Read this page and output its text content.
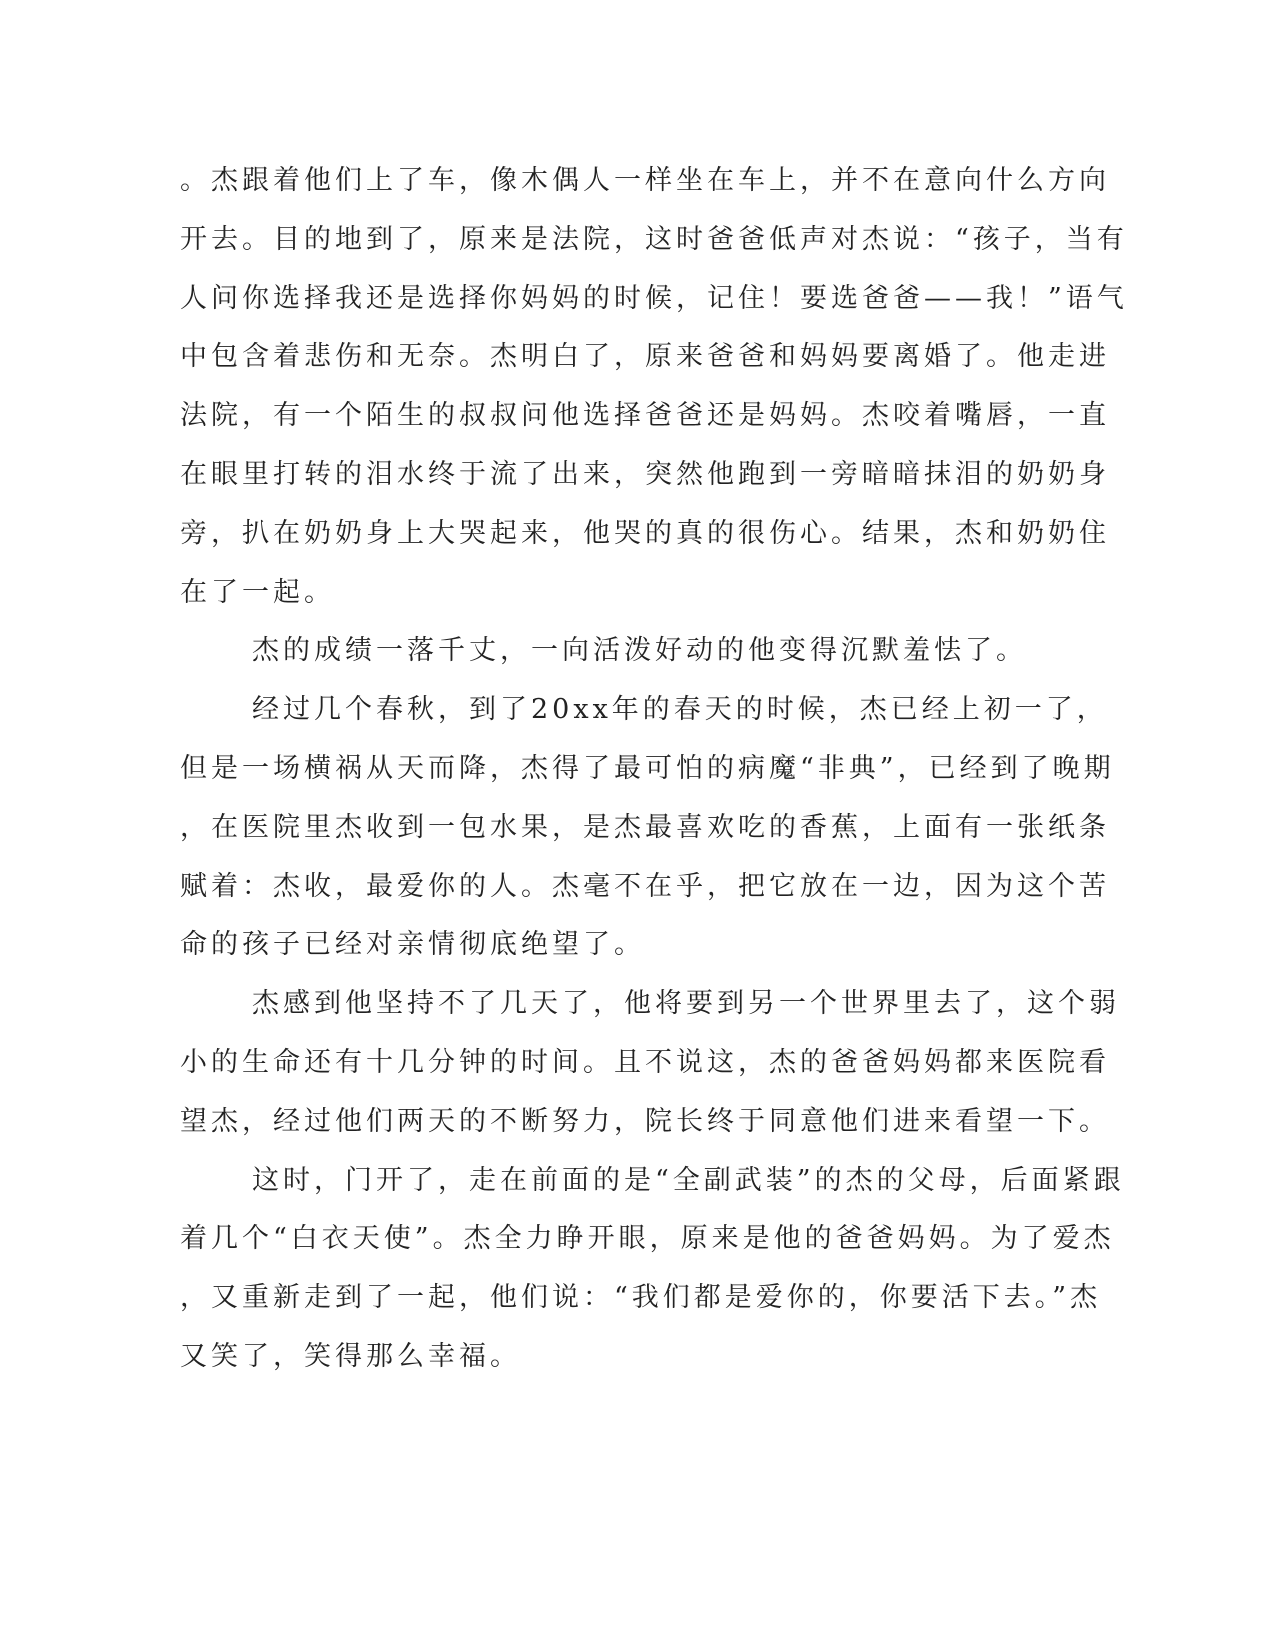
。杰跟着他们上了车，像木偶人一样坐在车上，并不在意向什么方向
开去。目的地到了，原来是法院，这时爸爸低声对杰说：“孩子，当有
人问你选择我还是选择你妈妈的时候，记住！要选爸爸——我！”语气
中包含着悲伤和无奈。杰明白了，原来爸爸和妈妈要离婚了。他走进
法院，有一个陌生的叔叔问他选择爸爸还是妈妈。杰咬着嘴唇，一直
在眼里打转的泪水终于流了出来，突然他跑到一旁暗暗抹泪的奶奶身
旁，扒在奶奶身上大哭起来，他哭的真的很伤心。结果，杰和奶奶住
在了一起。
杰的成绩一落千丈，一向活泼好动的他变得沉默羞怯了。
经过几个春秋，到了20xx年的春天的时候，杰已经上初一了，
但是一场横祸从天而降，杰得了最可怕的病魔“非典”，已经到了晚期
，在医院里杰收到一包水果，是杰最喜欢吃的香蕉，上面有一张纸条
赋着：杰收，最爱你的人。杰毫不在乎，把它放在一边，因为这个苦
命的孩子已经对亲情彻底绝望了。
杰感到他坚持不了几天了，他将要到另一个世界里去了，这个弱
小的生命还有十几分钟的时间。且不说这，杰的爸爸妈妈都来医院看
望杰，经过他们两天的不断努力，院长终于同意他们进来看望一下。
这时，门开了，走在前面的是“全副武装”的杰的父母，后面紧跟
着几个“白衣天使”。杰全力睁开眼，原来是他的爸爸妈妈。为了爱杰
，又重新走到了一起，他们说：“我们都是爱你的，你要活下去。”杰
又笑了，笑得那么幸福。
